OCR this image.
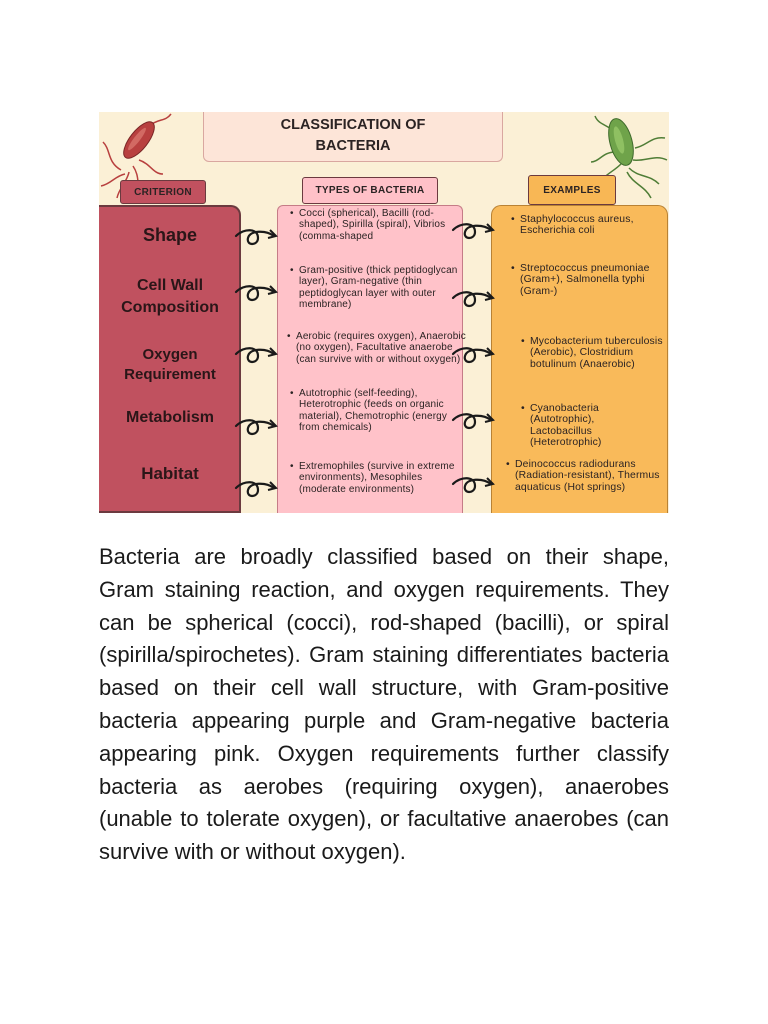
CLASSIFICATION OF
BACTERIA
CRITERION	TYPES OF BACTERIA	EXAMPLES
Shape
Cell Wall
Composition
Oxygen
Requirement
Metabolism
Habitat
• Cocci (spherical), Bacilli (rod-shaped), Spirilla (spiral), Vibrios (comma-shaped
• Gram-positive (thick peptidoglycan layer), Gram-negative (thin peptidoglycan layer with outer membrane)
• Aerobic (requires oxygen), Anaerobic (no oxygen), Facultative anaerobe (can survive with or without oxygen)
• Autotrophic (self-feeding), Heterotrophic (feeds on organic material), Chemotrophic (energy from chemicals)
• Extremophiles (survive in extreme environments), Mesophiles (moderate environments)
• Staphylococcus aureus, Escherichia coli
• Streptococcus pneumoniae (Gram+), Salmonella typhi (Gram-)
• Mycobacterium tuberculosis (Aerobic), Clostridium botulinum (Anaerobic)
• Cyanobacteria (Autotrophic), Lactobacillus (Heterotrophic)
• Deinococcus radiodurans (Radiation-resistant), Thermus aquaticus (Hot springs)

Bacteria are broadly classified based on their shape, Gram staining reaction, and oxygen requirements. They can be spherical (cocci), rod-shaped (bacilli), or spiral (spirilla/spirochetes). Gram staining differentiates bacteria based on their cell wall structure, with Gram-positive bacteria appearing purple and Gram-negative bacteria appearing pink. Oxygen requirements further classify bacteria as aerobes (requiring oxygen), anaerobes (unable to tolerate oxygen), or facultative anaerobes (can survive with or without oxygen).
